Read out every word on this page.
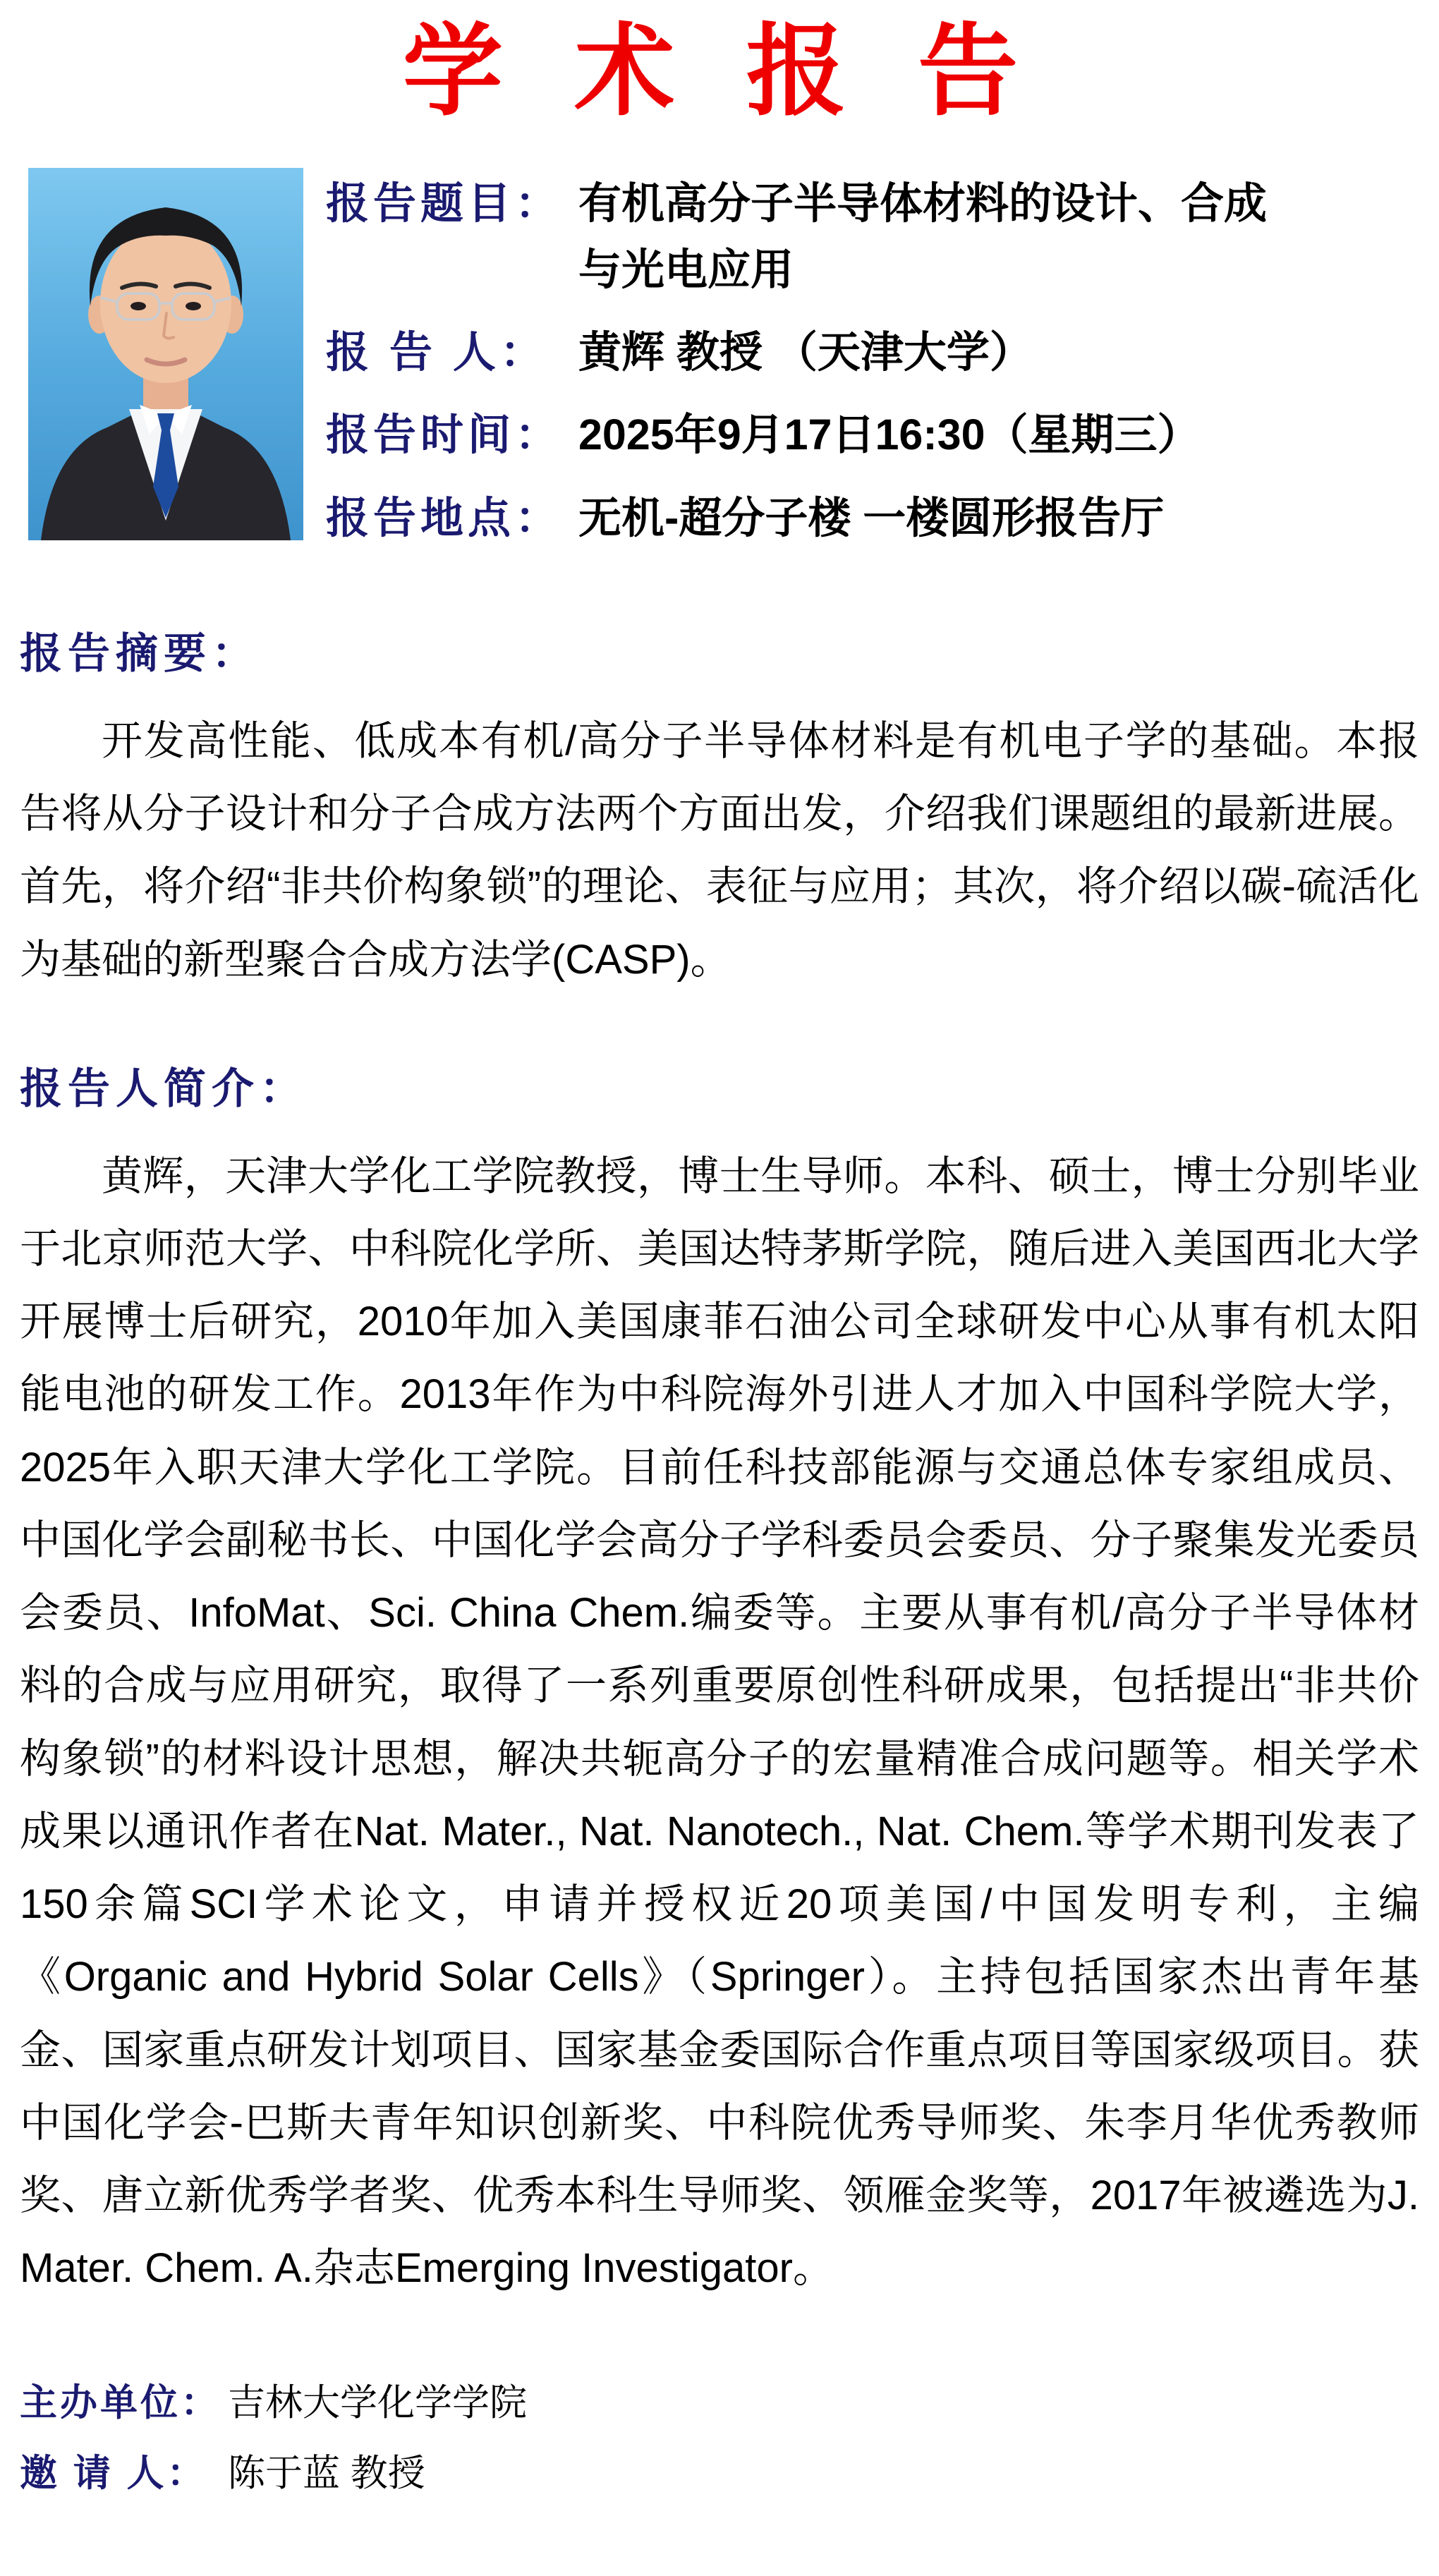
学 术 报 告
报告题目： 有机高分子半导体材料的设计、合成
与光电应用
报 告 人： 黄辉 教授 （天津大学）
报告时间： 2025年9月17日16:30（星期三）
报告地点： 无机-超分子楼 一楼圆形报告厅
报告摘要：

开发高性能、低成本有机/高分子半导体材料是有机电子学的基础。本报告将从分子设计和分子合成方法两个方面出发，介绍我们课题组的最新进展。首先，将介绍“非共价构象锁”的理论、表征与应用；其次，将介绍以碳-硫活化为基础的新型聚合合成方法学(CASP)。

报告人简介：

黄辉，天津大学化工学院教授，博士生导师。本科、硕士，博士分别毕业于北京师范大学、中科院化学所、美国达特茅斯学院，随后进入美国西北大学开展博士后研究，2010年加入美国康菲石油公司全球研发中心从事有机太阳能电池的研发工作。2013年作为中科院海外引进人才加入中国科学院大学，2025年入职天津大学化工学院。目前任科技部能源与交通总体专家组成员、中国化学会副秘书长、中国化学会高分子学科委员会委员、分子聚集发光委员会委员、InfoMat、Sci. China Chem.编委等。主要从事有机/高分子半导体材料的合成与应用研究，取得了一系列重要原创性科研成果，包括提出“非共价构象锁”的材料设计思想，解决共轭高分子的宏量精准合成问题等。相关学术成果以通讯作者在Nat. Mater., Nat. Nanotech., Nat. Chem.等学术期刊发表了150余篇SCI学术论文，申请并授权近20项美国/中国发明专利，主编《Organic and Hybrid Solar Cells》（Springer）。主持包括国家杰出青年基金、国家重点研发计划项目、国家基金委国际合作重点项目等国家级项目。获中国化学会-巴斯夫青年知识创新奖、中科院优秀导师奖、朱李月华优秀教师奖、唐立新优秀学者奖、优秀本科生导师奖、领雁金奖等，2017年被遴选为J. Mater. Chem. A.杂志Emerging Investigator。

主办单位： 吉林大学化学学院
邀 请 人： 陈于蓝 教授
